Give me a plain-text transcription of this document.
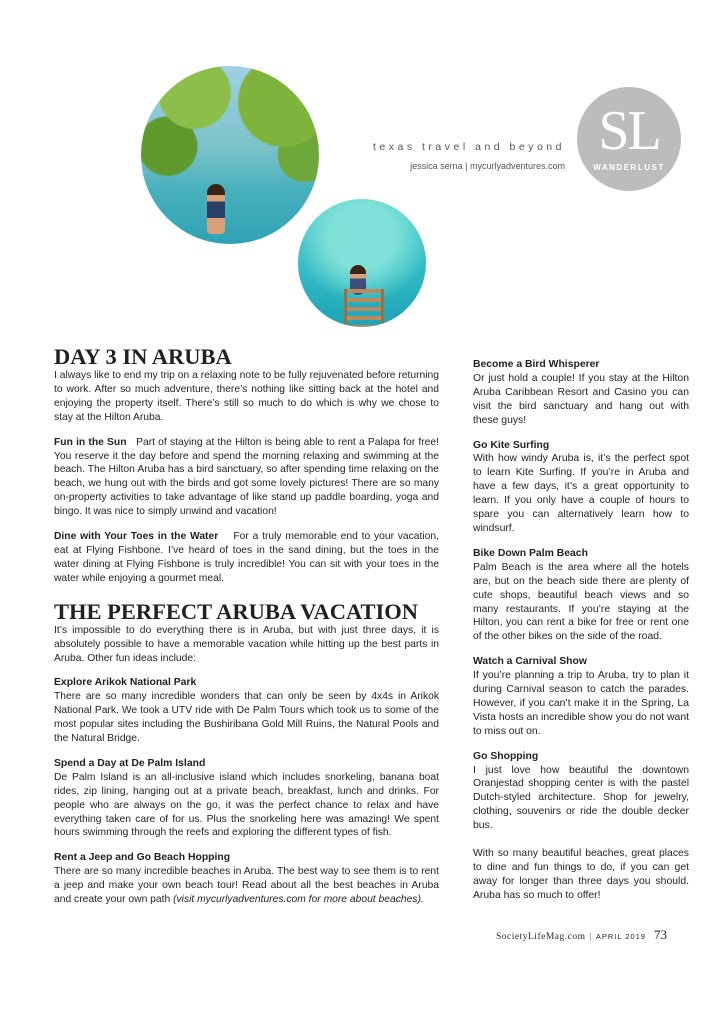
SL
WANDERLUST
texas travel and beyond
jessica serna | mycurlyadventures.com
DAY 3 IN ARUBA

I always like to end my trip on a relaxing note to be fully rejuvenated before returning to work. After so much adventure, there’s nothing like sitting back at the hotel and enjoying the property itself. There’s still so much to do which is why we chose to stay at the Hilton Aruba.

Fun in the Sun Part of staying at the Hilton is being able to rent a Palapa for free! You reserve it the day before and spend the morning relaxing and swimming at the beach. The Hilton Aruba has a bird sanctuary, so after spending time relaxing on the beach, we hung out with the birds and got some lovely pictures! There are so many on-property activities to take advantage of like stand up paddle boarding, yoga and bingo. It was nice to simply unwind and vacation!

Dine with Your Toes in the Water For a truly memorable end to your vacation, eat at Flying Fishbone. I’ve heard of toes in the sand dining, but the toes in the water dining at Flying Fishbone is truly incredible! You can sit with your toes in the water while enjoying a gourmet meal.

THE PERFECT ARUBA VACATION

It’s impossible to do everything there is in Aruba, but with just three days, it is absolutely possible to have a memorable vacation while hitting up the best parts in Aruba. Other fun ideas include:

Explore Arikok National Park

There are so many incredible wonders that can only be seen by 4x4s in Arikok National Park. We took a UTV ride with De Palm Tours which took us to some of the most popular sites including the Bushiribana Gold Mill Ruins, the Natural Pools and the Natural Bridge.

Spend a Day at De Palm Island

De Palm Island is an all-inclusive island which includes snorkeling, banana boat rides, zip lining, hanging out at a private beach, breakfast, lunch and drinks. For people who are always on the go, it was the perfect chance to relax and have everything taken care of for us. Plus the snorkeling here was amazing! We spent hours swimming through the reefs and exploring the different types of fish.

Rent a Jeep and Go Beach Hopping

There are so many incredible beaches in Aruba. The best way to see them is to rent a jeep and make your own beach tour! Read about all the best beaches in Aruba and create your own path (visit mycurlyadventures.com for more about beaches).

Become a Bird Whisperer

Or just hold a couple! If you stay at the Hilton Aruba Caribbean Resort and Casino you can visit the bird sanctuary and hang out with these guys!

Go Kite Surfing

With how windy Aruba is, it’s the perfect spot to learn Kite Surfing. If you’re in Aruba and have a few days, it’s a great opportunity to learn. If you only have a couple of hours to spare you can alternatively learn how to windsurf.

Bike Down Palm Beach

Palm Beach is the area where all the hotels are, but on the beach side there are plenty of cute shops, beautiful beach views and so many restaurants. If you’re staying at the Hilton, you can rent a bike for free or rent one of the other bikes on the side of the road.

Watch a Carnival Show

If you’re planning a trip to Aruba, try to plan it during Carnival season to catch the parades. However, if you can’t make it in the Spring, La Vista hosts an incredible show you do not want to miss out on.

Go Shopping

I just love how beautiful the downtown Oranjestad shopping center is with the pastel Dutch-styled architecture. Shop for jewelry, clothing, souvenirs or ride the double decker bus.

With so many beautiful beaches, great places to dine and fun things to do, if you can get away for longer than three days you should. Aruba has so much to offer!

SocietyLifeMag.com | APRIL 2019 73
